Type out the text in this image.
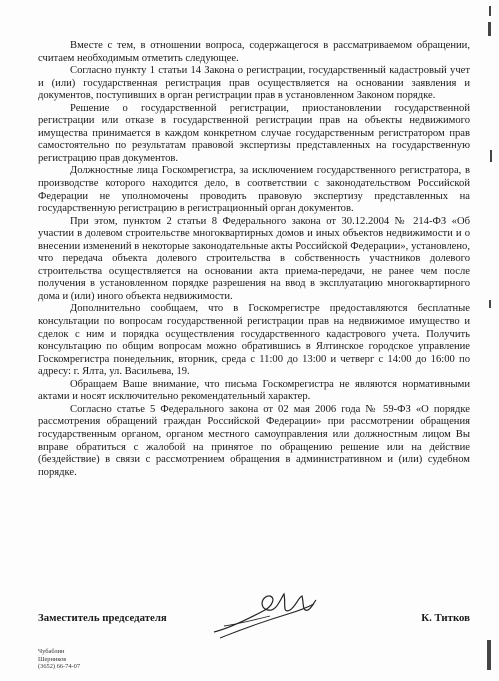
Вместе с тем, в отношении вопроса, содержащегося в рассматриваемом обращении, считаем необходимым отметить следующее.

Согласно пункту 1 статьи 14 Закона о регистрации, государственный кадастровый учет и (или) государственная регистрация прав осуществляется на основании заявления и документов, поступивших в орган регистрации прав в установленном Законом порядке.

Решение о государственной регистрации, приостановлении государственной регистрации или отказе в государственной регистрации прав на объекты недвижимого имущества принимается в каждом конкретном случае государственным регистратором прав самостоятельно по результатам правовой экспертизы представленных на государственную регистрацию прав документов.

Должностные лица Госкомрегистра, за исключением государственного регистратора, в производстве которого находится дело, в соответствии с законодательством Российской Федерации не уполномочены проводить правовую экспертизу представленных на государственную регистрацию в регистрационный орган документов.

При этом, пунктом 2 статьи 8 Федерального закона от 30.12.2004 № 214-ФЗ «Об участии в долевом строительстве многоквартирных домов и иных объектов недвижимости и о внесении изменений в некоторые законодательные акты Российской Федерации», установлено, что передача объекта долевого строительства в собственность участников долевого строительства осуществляется на основании акта приема-передачи, не ранее чем после получения в установленном порядке разрешения на ввод в эксплуатацию многоквартирного дома и (или) иного объекта недвижимости.

Дополнительно сообщаем, что в Госкомрегистре предоставляются бесплатные консультации по вопросам государственной регистрации прав на недвижимое имущество и сделок с ним и порядка осуществления государственного кадастрового учета. Получить консультацию по общим вопросам можно обратившись в Ялтинское городское управление Госкомрегистра понедельник, вторник, среда с 11:00 до 13:00 и четверг с 14:00 до 16:00 по адресу: г. Ялта, ул. Васильева, 19.

Обращаем Ваше внимание, что письма Госкомрегистра не являются нормативными актами и носят исключительно рекомендательный характер.

Согласно статье 5 Федерального закона от 02 мая 2006 года № 59-ФЗ «О порядке рассмотрения обращений граждан Российской Федерации» при рассмотрении обращения государственным органом, органом местного самоуправления или должностным лицом Вы вправе обратиться с жалобой на принятое по обращению решение или на действие (бездействие) в связи с рассмотрением обращения в административном и (или) судебном порядке.

Заместитель председателя	К. Титков
Чубаблин
Шерников
(3652) 66-74-07
